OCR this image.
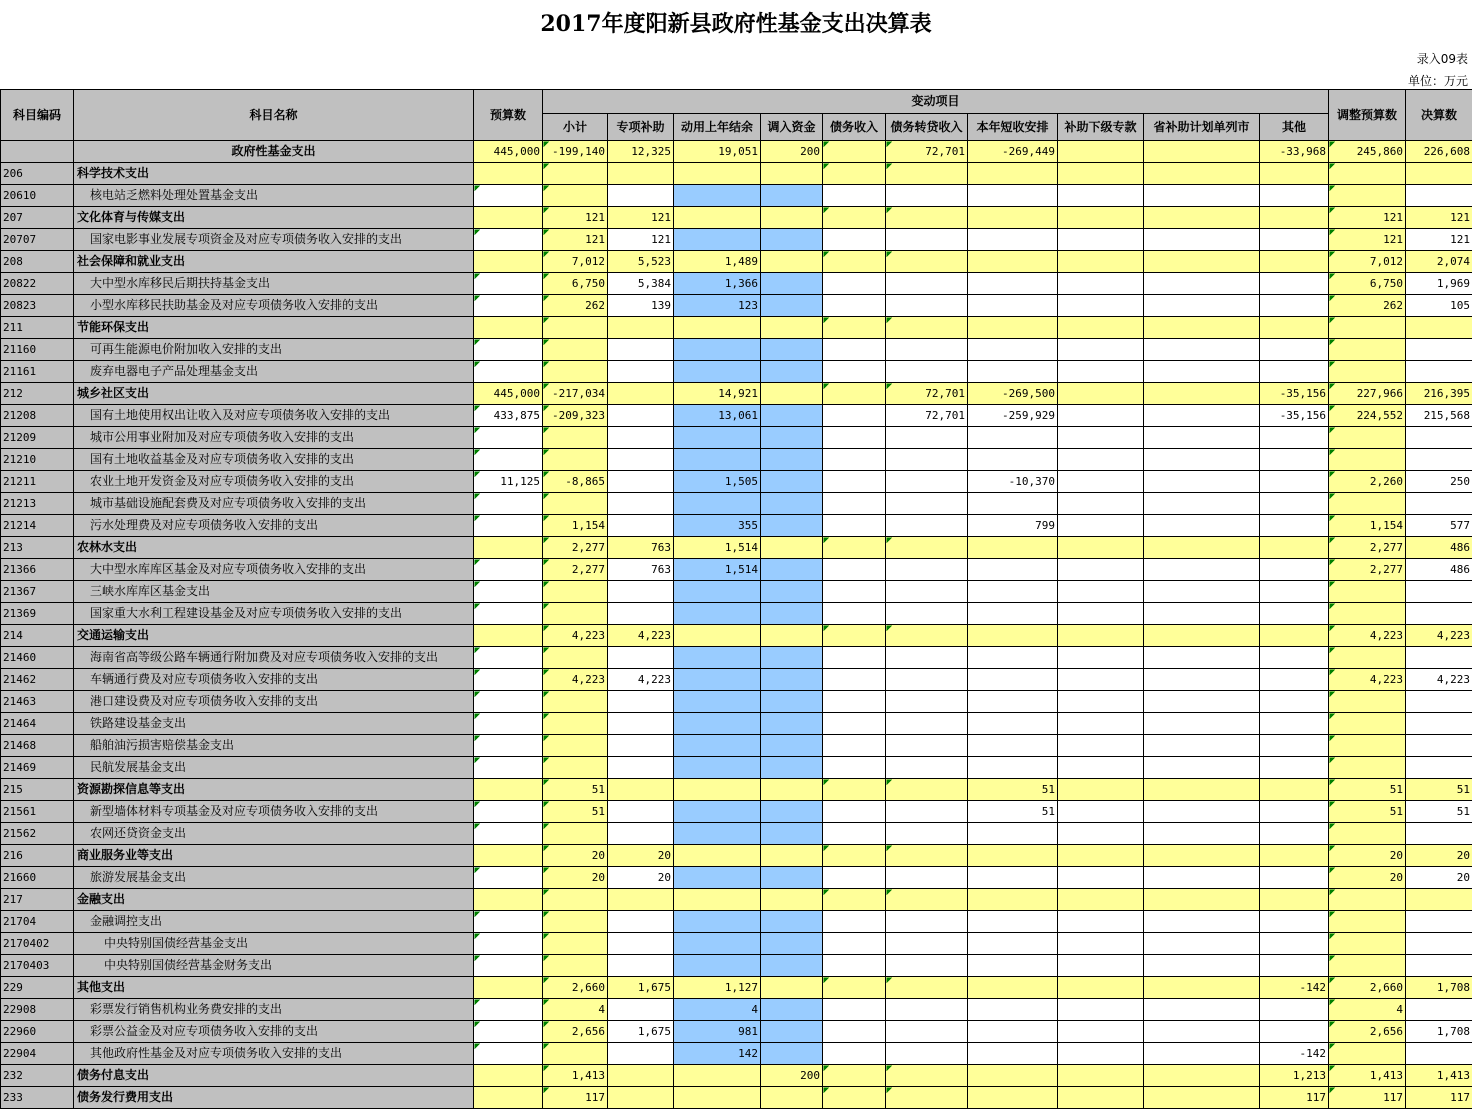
2017年度阳新县政府性基金支出决算表
录入09表
单位：万元
科目编码	科目名称	预算数	变动项目										调整预算数	决算数
			小计	专项补助	动用上年结余	调入资金	债务收入	债务转贷收入	本年短收安排	补助下级专款	省补助计划单列市	其他		
	政府性基金支出	445,000	-199,140	12,325	19,051	200		72,701	-269,449			-33,968	245,860	226,608
206	科学技术支出													
20610	核电站乏燃料处理处置基金支出													
207	文化体育与传媒支出		121	121									121	121
20707	国家电影事业发展专项资金及对应专项债务收入安排的支出		121	121									121	121
208	社会保障和就业支出		7,012	5,523	1,489								7,012	2,074
20822	大中型水库移民后期扶持基金支出		6,750	5,384	1,366								6,750	1,969
20823	小型水库移民扶助基金及对应专项债务收入安排的支出		262	139	123								262	105
211	节能环保支出													
21160	可再生能源电价附加收入安排的支出													
21161	废弃电器电子产品处理基金支出													
212	城乡社区支出	445,000	-217,034		14,921			72,701	-269,500			-35,156	227,966	216,395
21208	国有土地使用权出让收入及对应专项债务收入安排的支出	433,875	-209,323		13,061			72,701	-259,929			-35,156	224,552	215,568
21209	城市公用事业附加及对应专项债务收入安排的支出													
21210	国有土地收益基金及对应专项债务收入安排的支出													
21211	农业土地开发资金及对应专项债务收入安排的支出	11,125	-8,865		1,505				-10,370				2,260	250
21213	城市基础设施配套费及对应专项债务收入安排的支出													
21214	污水处理费及对应专项债务收入安排的支出		1,154		355				799				1,154	577
213	农林水支出		2,277	763	1,514								2,277	486
21366	大中型水库库区基金及对应专项债务收入安排的支出		2,277	763	1,514								2,277	486
21367	三峡水库库区基金支出													
21369	国家重大水利工程建设基金及对应专项债务收入安排的支出													
214	交通运输支出		4,223	4,223									4,223	4,223
21460	海南省高等级公路车辆通行附加费及对应专项债务收入安排的支出													
21462	车辆通行费及对应专项债务收入安排的支出		4,223	4,223									4,223	4,223
21463	港口建设费及对应专项债务收入安排的支出													
21464	铁路建设基金支出													
21468	船舶油污损害赔偿基金支出													
21469	民航发展基金支出													
215	资源勘探信息等支出		51						51				51	51
21561	新型墙体材料专项基金及对应专项债务收入安排的支出		51						51				51	51
21562	农网还贷资金支出													
216	商业服务业等支出		20	20									20	20
21660	旅游发展基金支出		20	20									20	20
217	金融支出													
21704	金融调控支出													
2170402	中央特别国债经营基金支出													
2170403	中央特别国债经营基金财务支出													
229	其他支出		2,660	1,675	1,127							-142	2,660	1,708
22908	彩票发行销售机构业务费安排的支出		4		4								4	
22960	彩票公益金及对应专项债务收入安排的支出		2,656	1,675	981								2,656	1,708
22904	其他政府性基金及对应专项债务收入安排的支出				142							-142		
232	债务付息支出		1,413			200						1,213	1,413	1,413
233	债务发行费用支出		117									117	117	117
